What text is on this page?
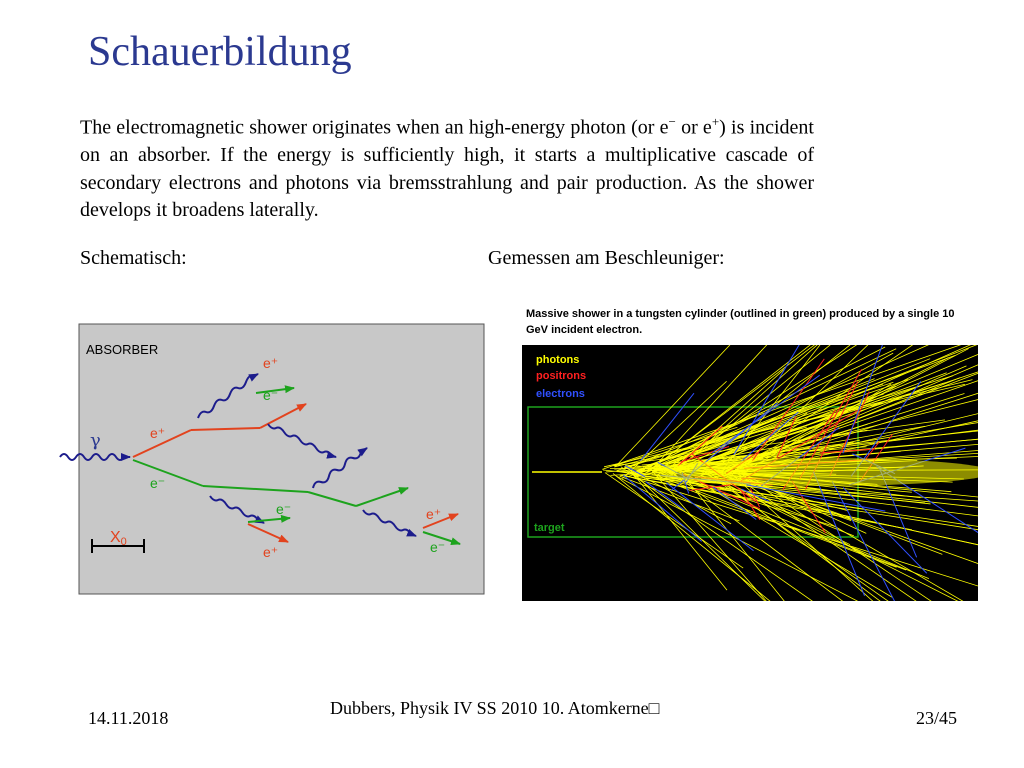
Schauerbildung
The electromagnetic shower originates when an high-energy photon (or e− or e+) is incident on an absorber. If the energy is sufficiently high, it starts a multiplicative cascade of secondary electrons and photons via bremsstrahlung and pair production. As the shower develops it broadens laterally.
Schematisch:	Gemessen am Beschleuniger:
ABSORBER
γ	e⁺
e⁻
e⁺
e⁻
e⁻
e⁺
e⁺
e⁻
X0
Massive shower in a tungsten cylinder (outlined in green) produced by a single 10 GeV incident electron.
photons
positrons
electrons
target
14.11.2018	Dubbers, Physik IV SS 2010 10. Atomkerne□	23/45
